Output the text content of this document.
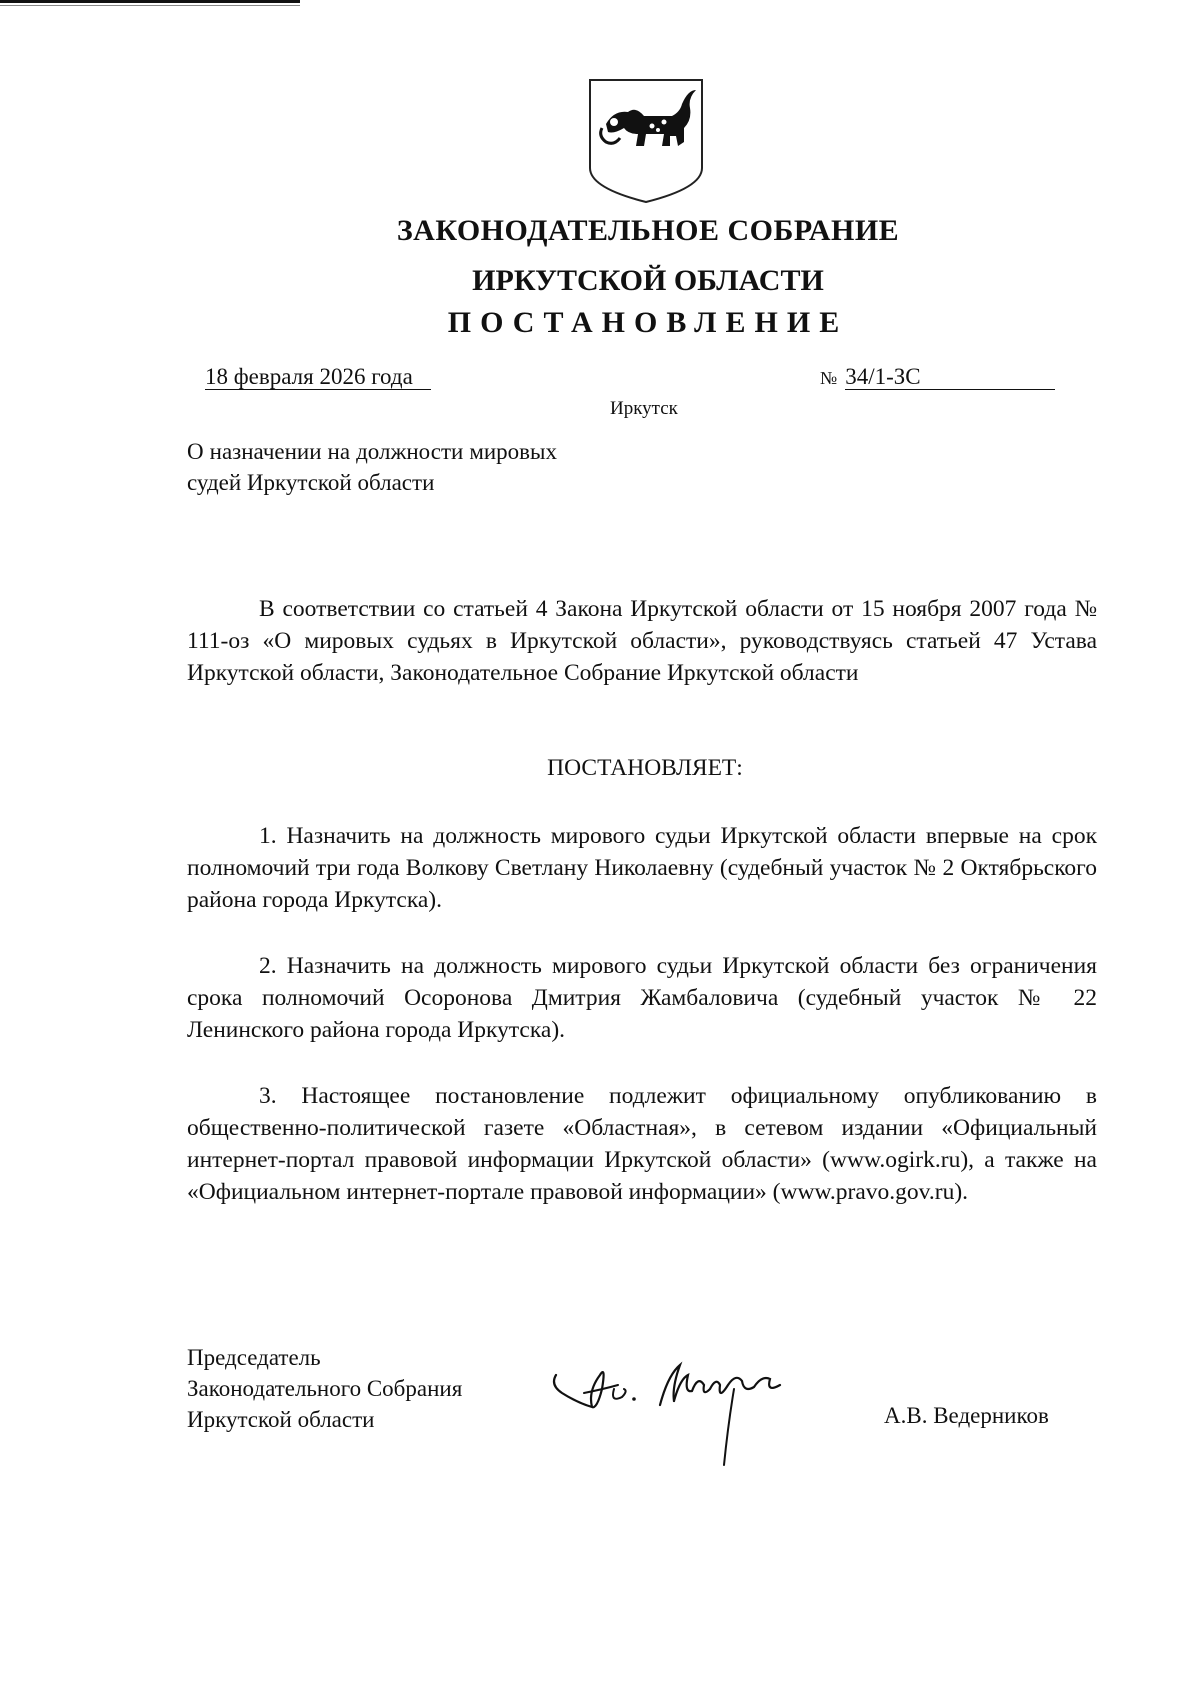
ЗАКОНОДАТЕЛЬНОЕ СОБРАНИЕ
ИРКУТСКОЙ ОБЛАСТИ
ПОСТАНОВЛЕНИЕ
18 февраля 2026 года	№ 34/1-ЗС
Иркутск
О назначении на должности мировых судей Иркутской области
В соответствии со статьей 4 Закона Иркутской области от 15 ноября 2007 года № 111-оз «О мировых судьях в Иркутской области», руководствуясь статьей 47 Устава Иркутской области, Законодательное Собрание Иркутской области
ПОСТАНОВЛЯЕТ:
1. Назначить на должность мирового судьи Иркутской области впервые на срок полномочий три года Волкову Светлану Николаевну (судебный участок № 2 Октябрьского района города Иркутска).
2. Назначить на должность мирового судьи Иркутской области без ограничения срока полномочий Осоронова Дмитрия Жамбаловича (судебный участок № 22 Ленинского района города Иркутска).
3. Настоящее постановление подлежит официальному опубликованию в общественно-политической газете «Областная», в сетевом издании «Официальный интернет-портал правовой информации Иркутской области» (www.ogirk.ru), а также на «Официальном интернет-портале правовой информации» (www.pravo.gov.ru).
Председатель
Законодательного Собрания
Иркутской области	А.В. Ведерников
